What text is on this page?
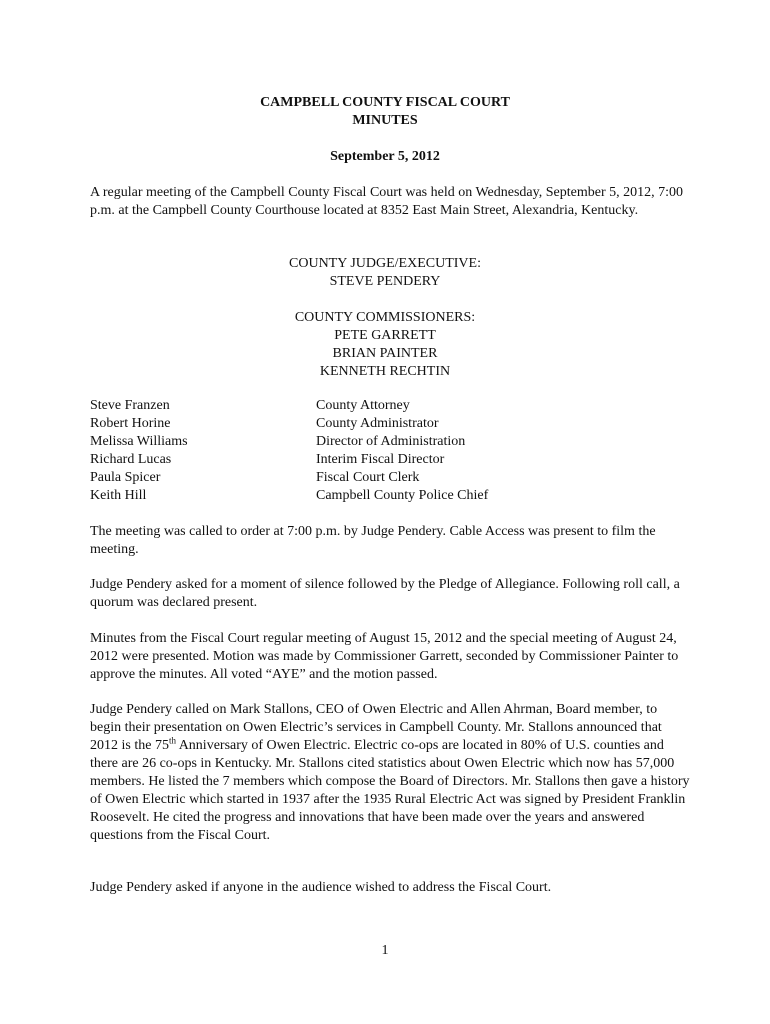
CAMPBELL COUNTY FISCAL COURT
MINUTES
September 5, 2012

A regular meeting of the Campbell County Fiscal Court was held on Wednesday, September 5, 2012, 7:00 p.m. at the Campbell County Courthouse located at 8352 East Main Street, Alexandria, Kentucky.

COUNTY JUDGE/EXECUTIVE:
STEVE PENDERY
COUNTY COMMISSIONERS:
PETE GARRETT
BRIAN PAINTER
KENNETH RECHTIN
Steve Franzen	County Attorney
Robert Horine	County Administrator
Melissa Williams	Director of Administration
Richard Lucas	Interim Fiscal Director
Paula Spicer	Fiscal Court Clerk
Keith Hill	Campbell County Police Chief

The meeting was called to order at 7:00 p.m. by Judge Pendery. Cable Access was present to film the meeting.

Judge Pendery asked for a moment of silence followed by the Pledge of Allegiance. Following roll call, a quorum was declared present.

Minutes from the Fiscal Court regular meeting of August 15, 2012 and the special meeting of August 24, 2012 were presented. Motion was made by Commissioner Garrett, seconded by Commissioner Painter to approve the minutes. All voted “AYE” and the motion passed.

Judge Pendery called on Mark Stallons, CEO of Owen Electric and Allen Ahrman, Board member, to begin their presentation on Owen Electric’s services in Campbell County. Mr. Stallons announced that 2012 is the 75th Anniversary of Owen Electric. Electric co-ops are located in 80% of U.S. counties and there are 26 co-ops in Kentucky. Mr. Stallons cited statistics about Owen Electric which now has 57,000 members. He listed the 7 members which compose the Board of Directors. Mr. Stallons then gave a history of Owen Electric which started in 1937 after the 1935 Rural Electric Act was signed by President Franklin Roosevelt. He cited the progress and innovations that have been made over the years and answered questions from the Fiscal Court.

Judge Pendery asked if anyone in the audience wished to address the Fiscal Court.

1
